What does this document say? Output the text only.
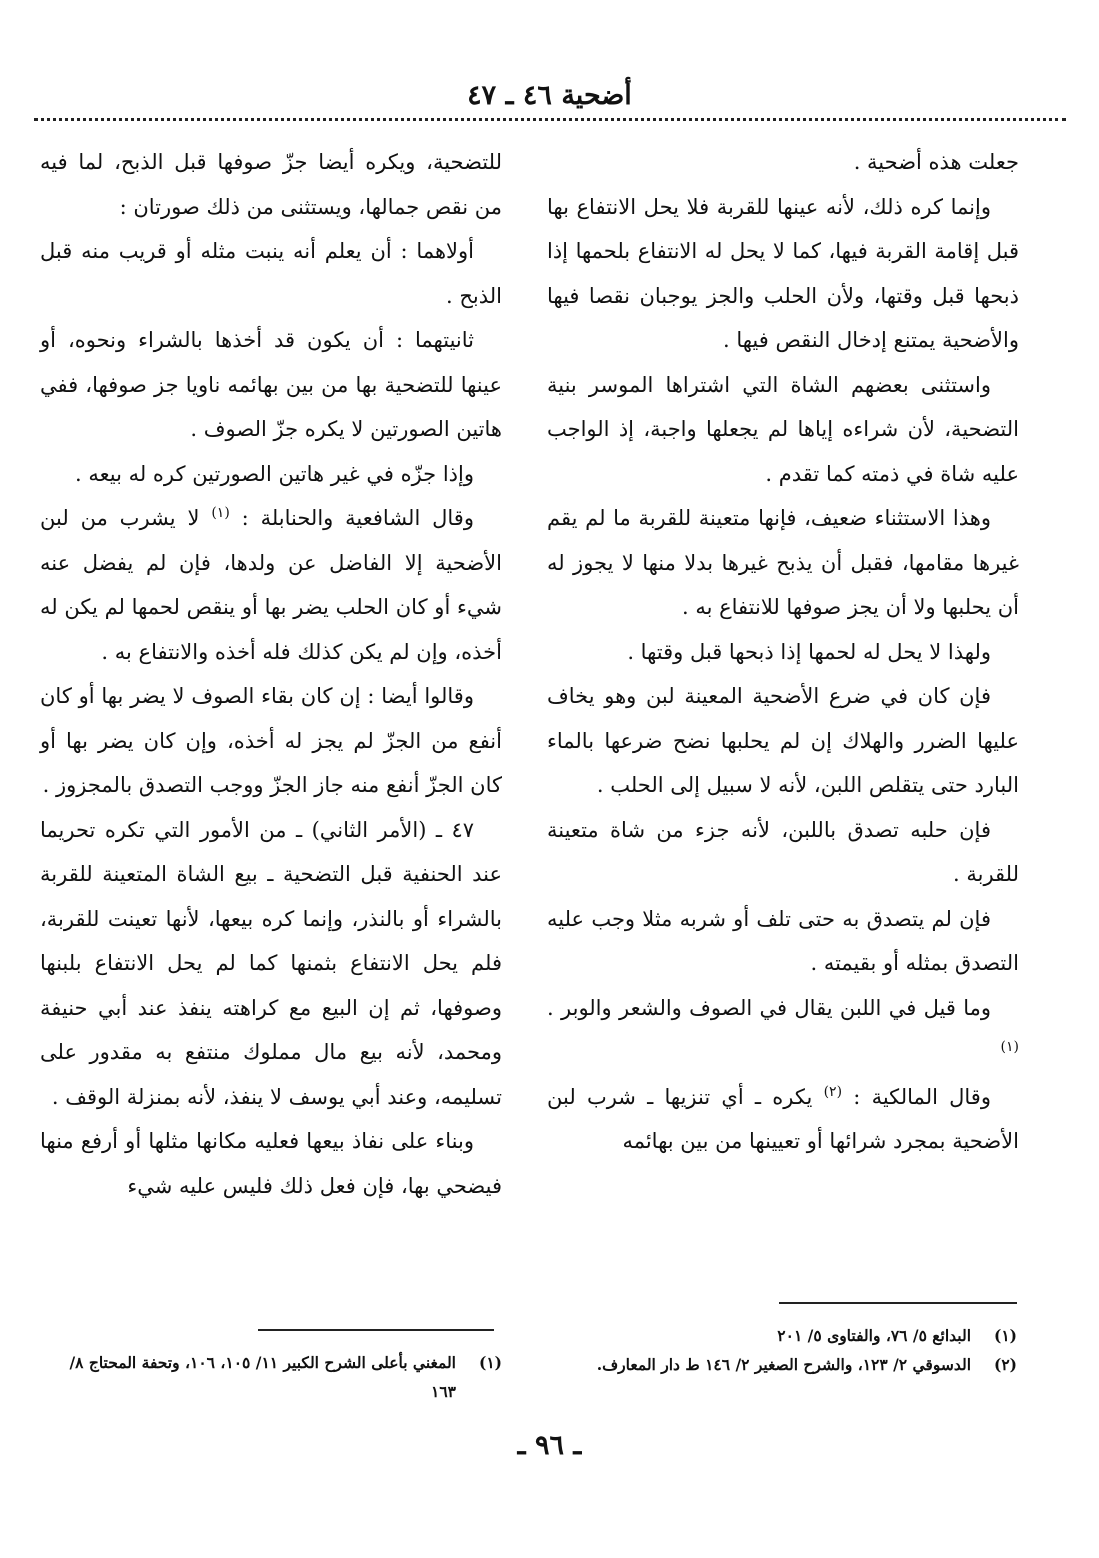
أضحية ٤٦ ـ ٤٧

جعلت هذه أضحية .

وإنما كره ذلك، لأنه عينها للقربة فلا يحل الانتفاع بها قبل إقامة القربة فيها، كما لا يحل له الانتفاع بلحمها إذا ذبحها قبل وقتها، ولأن الحلب والجز يوجبان نقصا فيها والأضحية يمتنع إدخال النقص فيها .

واستثنى بعضهم الشاة التي اشتراها الموسر بنية التضحية، لأن شراءه إياها لم يجعلها واجبة، إذ الواجب عليه شاة في ذمته كما تقدم .

وهذا الاستثناء ضعيف، فإنها متعينة للقربة ما لم يقم غيرها مقامها، فقبل أن يذبح غيرها بدلا منها لا يجوز له أن يحلبها ولا أن يجز صوفها للانتفاع به .

ولهذا لا يحل له لحمها إذا ذبحها قبل وقتها .

فإن كان في ضرع الأضحية المعينة لبن وهو يخاف عليها الضرر والهلاك إن لم يحلبها نضح ضرعها بالماء البارد حتى يتقلص اللبن، لأنه لا سبيل إلى الحلب .

فإن حلبه تصدق باللبن، لأنه جزء من شاة متعينة للقربة .

فإن لم يتصدق به حتى تلف أو شربه مثلا وجب عليه التصدق بمثله أو بقيمته .

وما قيل في اللبن يقال في الصوف والشعر والوبر . $^{(١)}$

وقال المالكية : $^{(٢)}$ يكره ـ أي تنزيها ـ شرب لبن الأضحية بمجرد شرائها أو تعيينها من بين بهائمه

للتضحية، ويكره أيضا جزّ صوفها قبل الذبح، لما فيه من نقص جمالها، ويستثنى من ذلك صورتان :

أولاهما : أن يعلم أنه ينبت مثله أو قريب منه قبل الذبح .

ثانيتهما : أن يكون قد أخذها بالشراء ونحوه، أو عينها للتضحية بها من بين بهائمه ناويا جز صوفها، ففي هاتين الصورتين لا يكره جزّ الصوف .

وإذا جزّه في غير هاتين الصورتين كره له بيعه .

وقال الشافعية والحنابلة : $^{(١)}$ لا يشرب من لبن الأضحية إلا الفاضل عن ولدها، فإن لم يفضل عنه شيء أو كان الحلب يضر بها أو ينقص لحمها لم يكن له أخذه، وإن لم يكن كذلك فله أخذه والانتفاع به .

وقالوا أيضا : إن كان بقاء الصوف لا يضر بها أو كان أنفع من الجزّ لم يجز له أخذه، وإن كان يضر بها أو كان الجزّ أنفع منه جاز الجزّ ووجب التصدق بالمجزوز .

٤٧ ـ (الأمر الثاني) ـ من الأمور التي تكره تحريما عند الحنفية قبل التضحية ـ بيع الشاة المتعينة للقربة بالشراء أو بالنذر، وإنما كره بيعها، لأنها تعينت للقربة، فلم يحل الانتفاع بثمنها كما لم يحل الانتفاع بلبنها وصوفها، ثم إن البيع مع كراهته ينفذ عند أبي حنيفة ومحمد، لأنه بيع مال مملوك منتفع به مقدور على تسليمه، وعند أبي يوسف لا ينفذ، لأنه بمنزلة الوقف .

وبناء على نفاذ بيعها فعليه مكانها مثلها أو أرفع منها فيضحي بها، فإن فعل ذلك فليس عليه شيء

(١)
البدائع ٥/ ٧٦، والفتاوى ٥/ ٢٠١
(٢)
الدسوقي ٢/ ١٢٣، والشرح الصغير ٢/ ١٤٦ ط دار المعارف.
(١)
المغني بأعلى الشرح الكبير ١١/ ١٠٥، ١٠٦، وتحفة المحتاج ٨/ ١٦٣
ـ ٩٦ ـ
